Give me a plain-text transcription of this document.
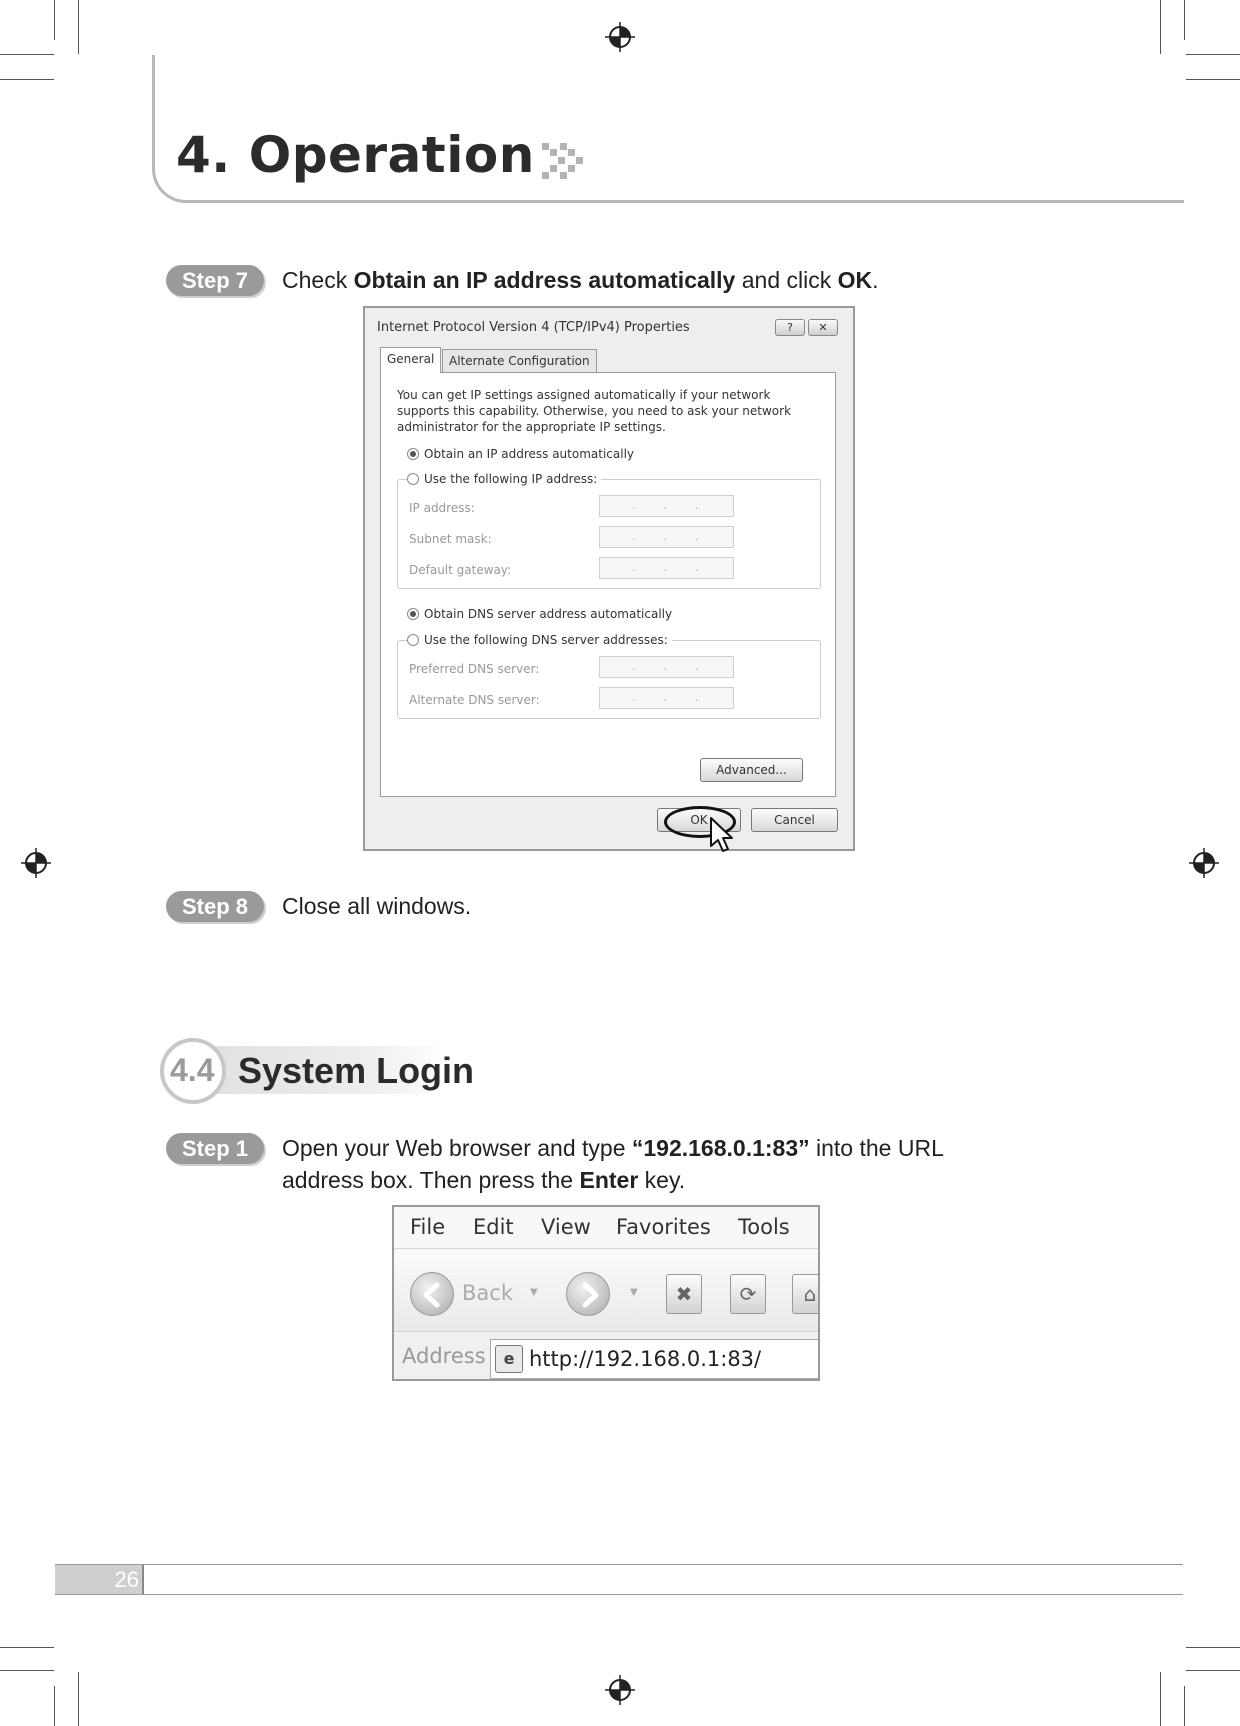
4. Operation
Step 7	Check Obtain an IP address automatically and click OK.
Internet Protocol Version 4 (TCP/IPv4) Properties	?	✕
General	Alternate Configuration
You can get IP settings assigned automatically if your network supports this capability. Otherwise, you need to ask your network administrator for the appropriate IP settings.
Obtain an IP address automatically
Use the following IP address:
IP address:	...
Subnet mask:	...
Default gateway:	...
Obtain DNS server address automatically
Use the following DNS server addresses:
Preferred DNS server:	...
Alternate DNS server:	...
Advanced...
OK	Cancel
Step 8	Close all windows.
4.4 System Login
Step 1	Open your Web browser and type “192.168.0.1:83” into the URL
address box. Then press the Enter key.
File Edit View Favorites Tools
Back ▼	▼	✖	⟳	⌂
Address	e http://192.168.0.1:83/
26
